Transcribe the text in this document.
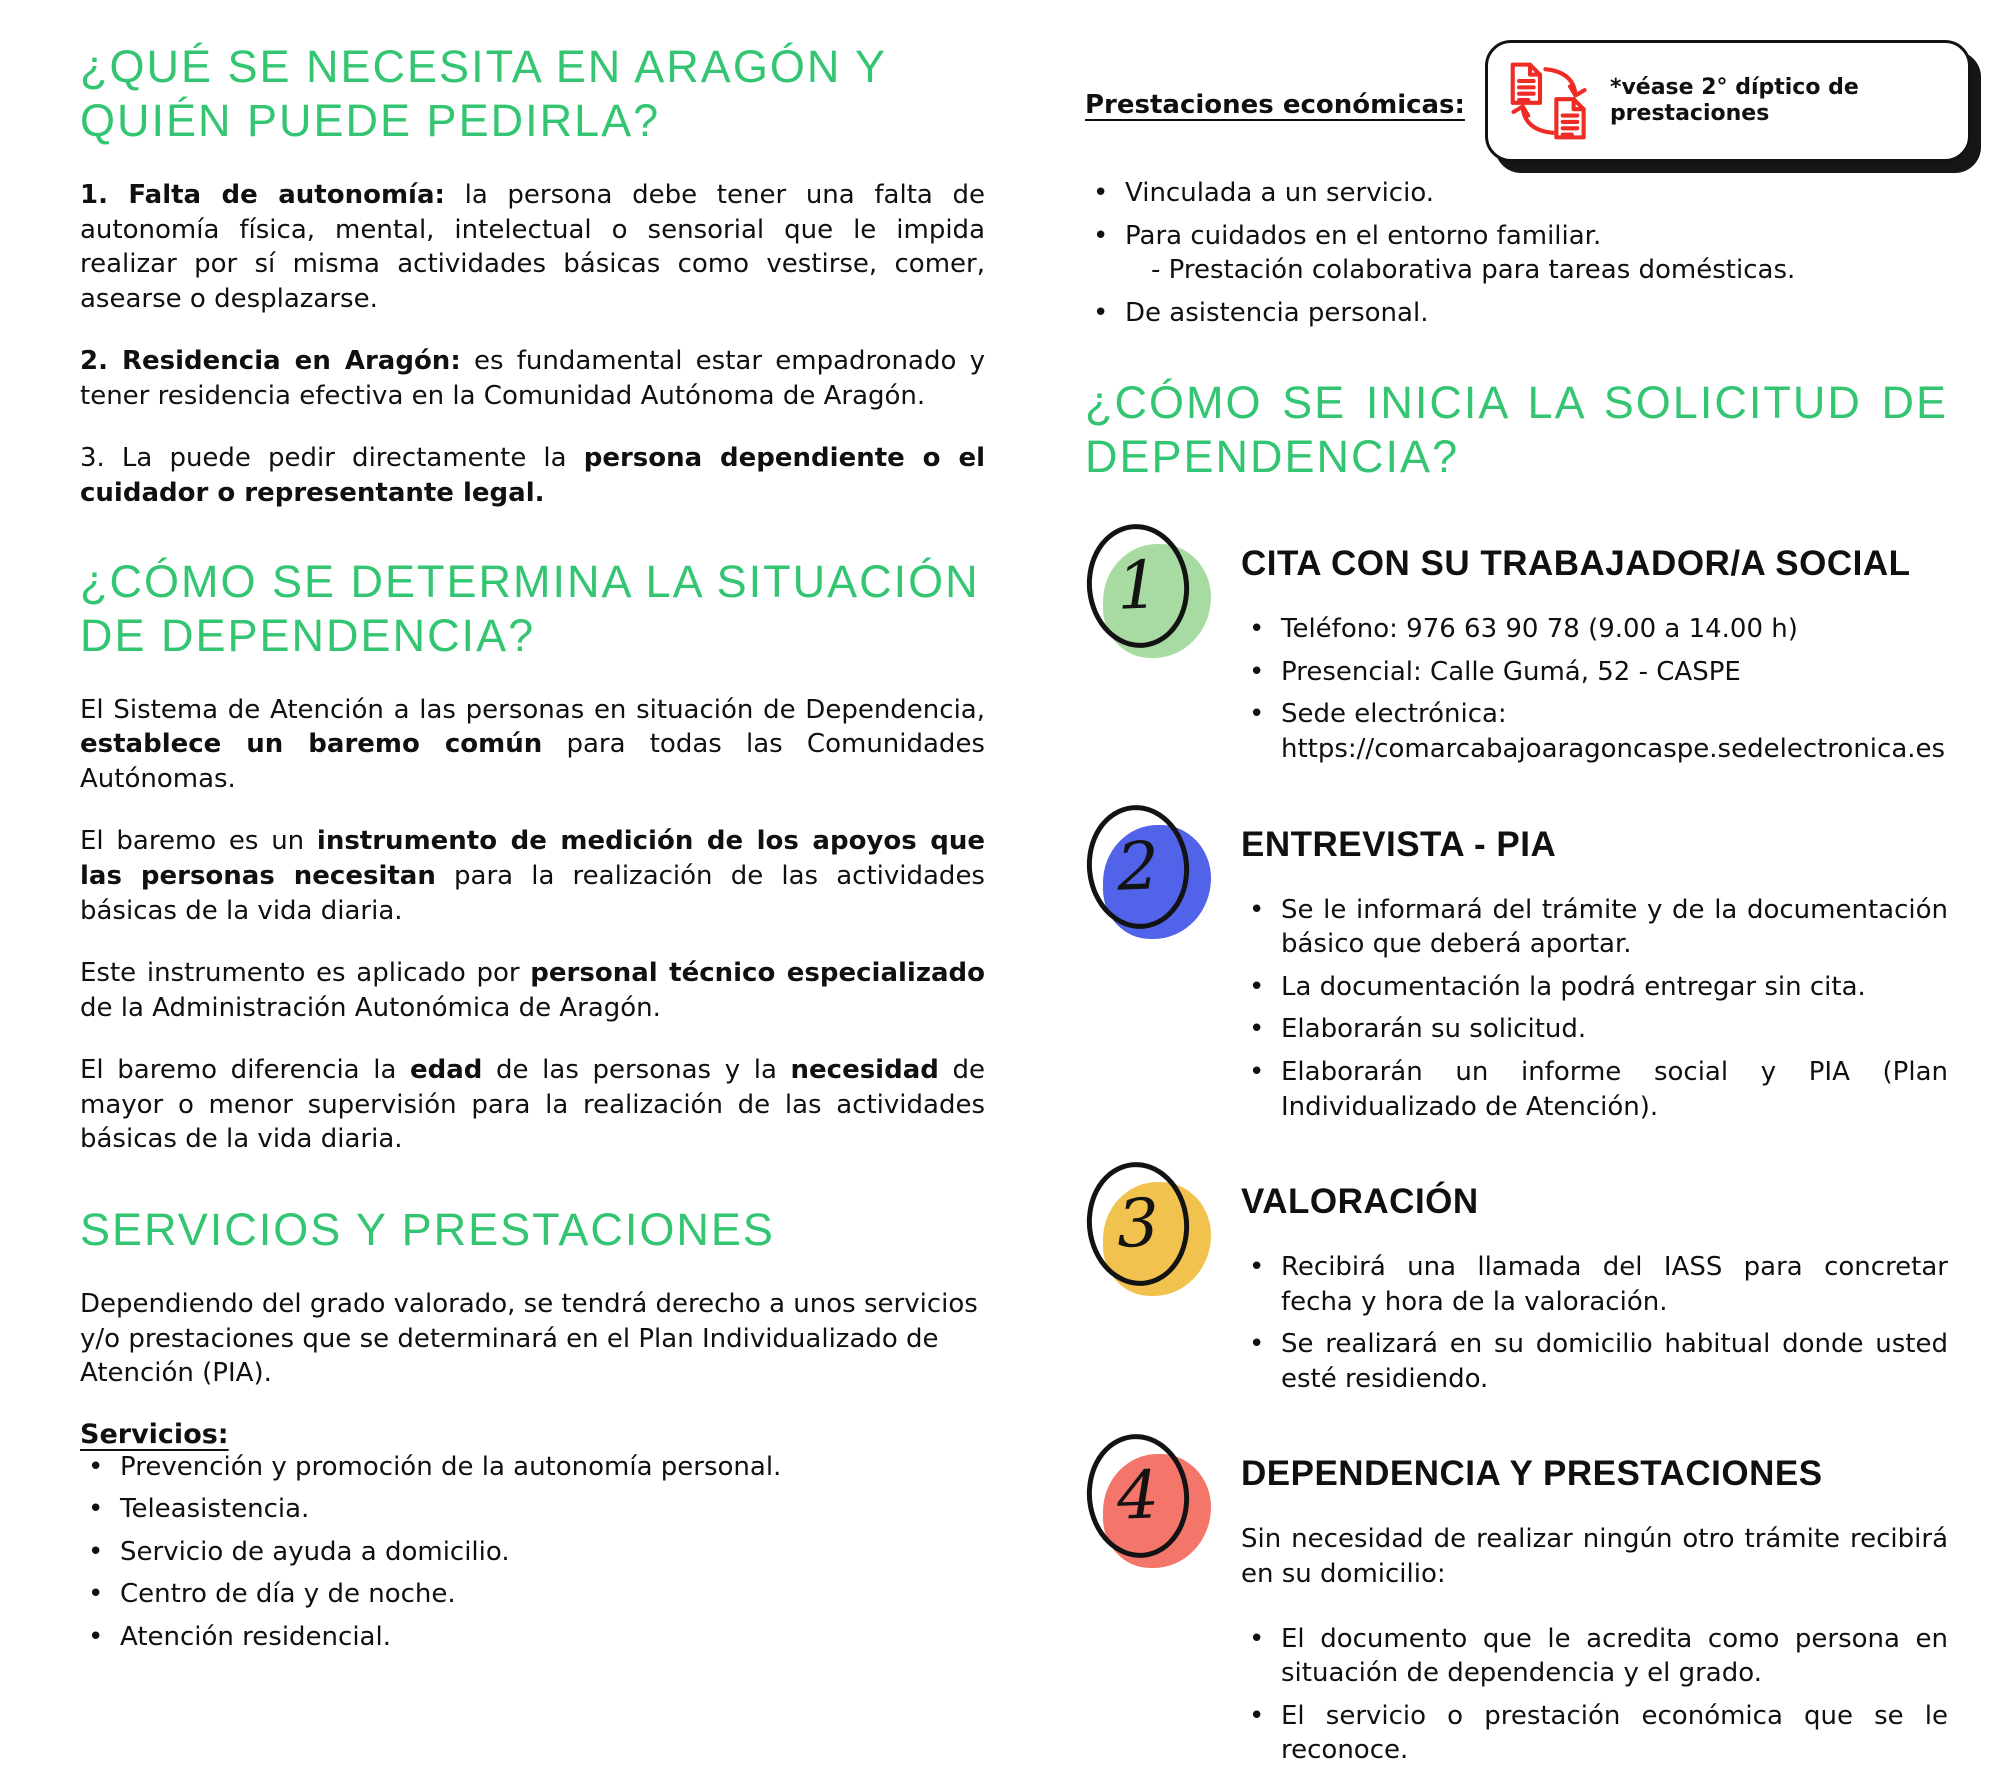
¿QUÉ SE NECESITA EN ARAGÓN Y QUIÉN PUEDE PEDIRLA?

1. Falta de autonomía: la persona debe tener una falta de autonomía física, mental, intelectual o sensorial que le impida realizar por sí misma actividades básicas como vestirse, comer, asearse o desplazarse.

2. Residencia en Aragón: es fundamental estar empadronado y tener residencia efectiva en la Comunidad Autónoma de Aragón.

3. La puede pedir directamente la persona dependiente o el cuidador o representante legal.

¿CÓMO SE DETERMINA LA SITUACIÓN DE DEPENDENCIA?

El Sistema de Atención a las personas en situación de Dependencia, establece un baremo común para todas las Comunidades Autónomas.

El baremo es un instrumento de medición de los apoyos que las personas necesitan para la realización de las actividades básicas de la vida diaria.

Este instrumento es aplicado por personal técnico especializado de la Administración Autonómica de Aragón.

El baremo diferencia la edad de las personas y la necesidad de mayor o menor supervisión para la realización de las actividades básicas de la vida diaria.

SERVICIOS Y PRESTACIONES

Dependiendo del grado valorado, se tendrá derecho a unos servicios y/o prestaciones que se determinará en el Plan Individualizado de Atención (PIA).

Servicios:
• Prevención y promoción de la autonomía personal.
• Teleasistencia.
• Servicio de ayuda a domicilio.
• Centro de día y de noche.
• Atención residencial.
Prestaciones económicas:
*véase 2° díptico de prestaciones
• Vinculada a un servicio.
• Para cuidados en el entorno familiar.
- Prestación colaborativa para tareas domésticas.
• De asistencia personal.
¿CÓMO SE INICIA LA SOLICITUD DE
DEPENDENCIA?
1 CITA CON SU TRABAJADOR/A SOCIAL
• Teléfono: 976 63 90 78 (9.00 a 14.00 h)
• Presencial: Calle Gumá, 52 - CASPE
• Sede electrónica:
https://comarcabajoaragoncaspe.sedelectronica.es
2 ENTREVISTA - PIA
• Se le informará del trámite y de la documentación básico que deberá aportar.
• La documentación la podrá entregar sin cita.
• Elaborarán su solicitud.
• Elaborarán un informe social y PIA (Plan Individualizado de Atención).
3 VALORACIÓN
• Recibirá una llamada del IASS para concretar fecha y hora de la valoración.
• Se realizará en su domicilio habitual donde usted esté residiendo.
4 DEPENDENCIA Y PRESTACIONES

Sin necesidad de realizar ningún otro trámite recibirá en su domicilio:

• El documento que le acredita como persona en situación de dependencia y el grado.
• El servicio o prestación económica que se le reconoce.
